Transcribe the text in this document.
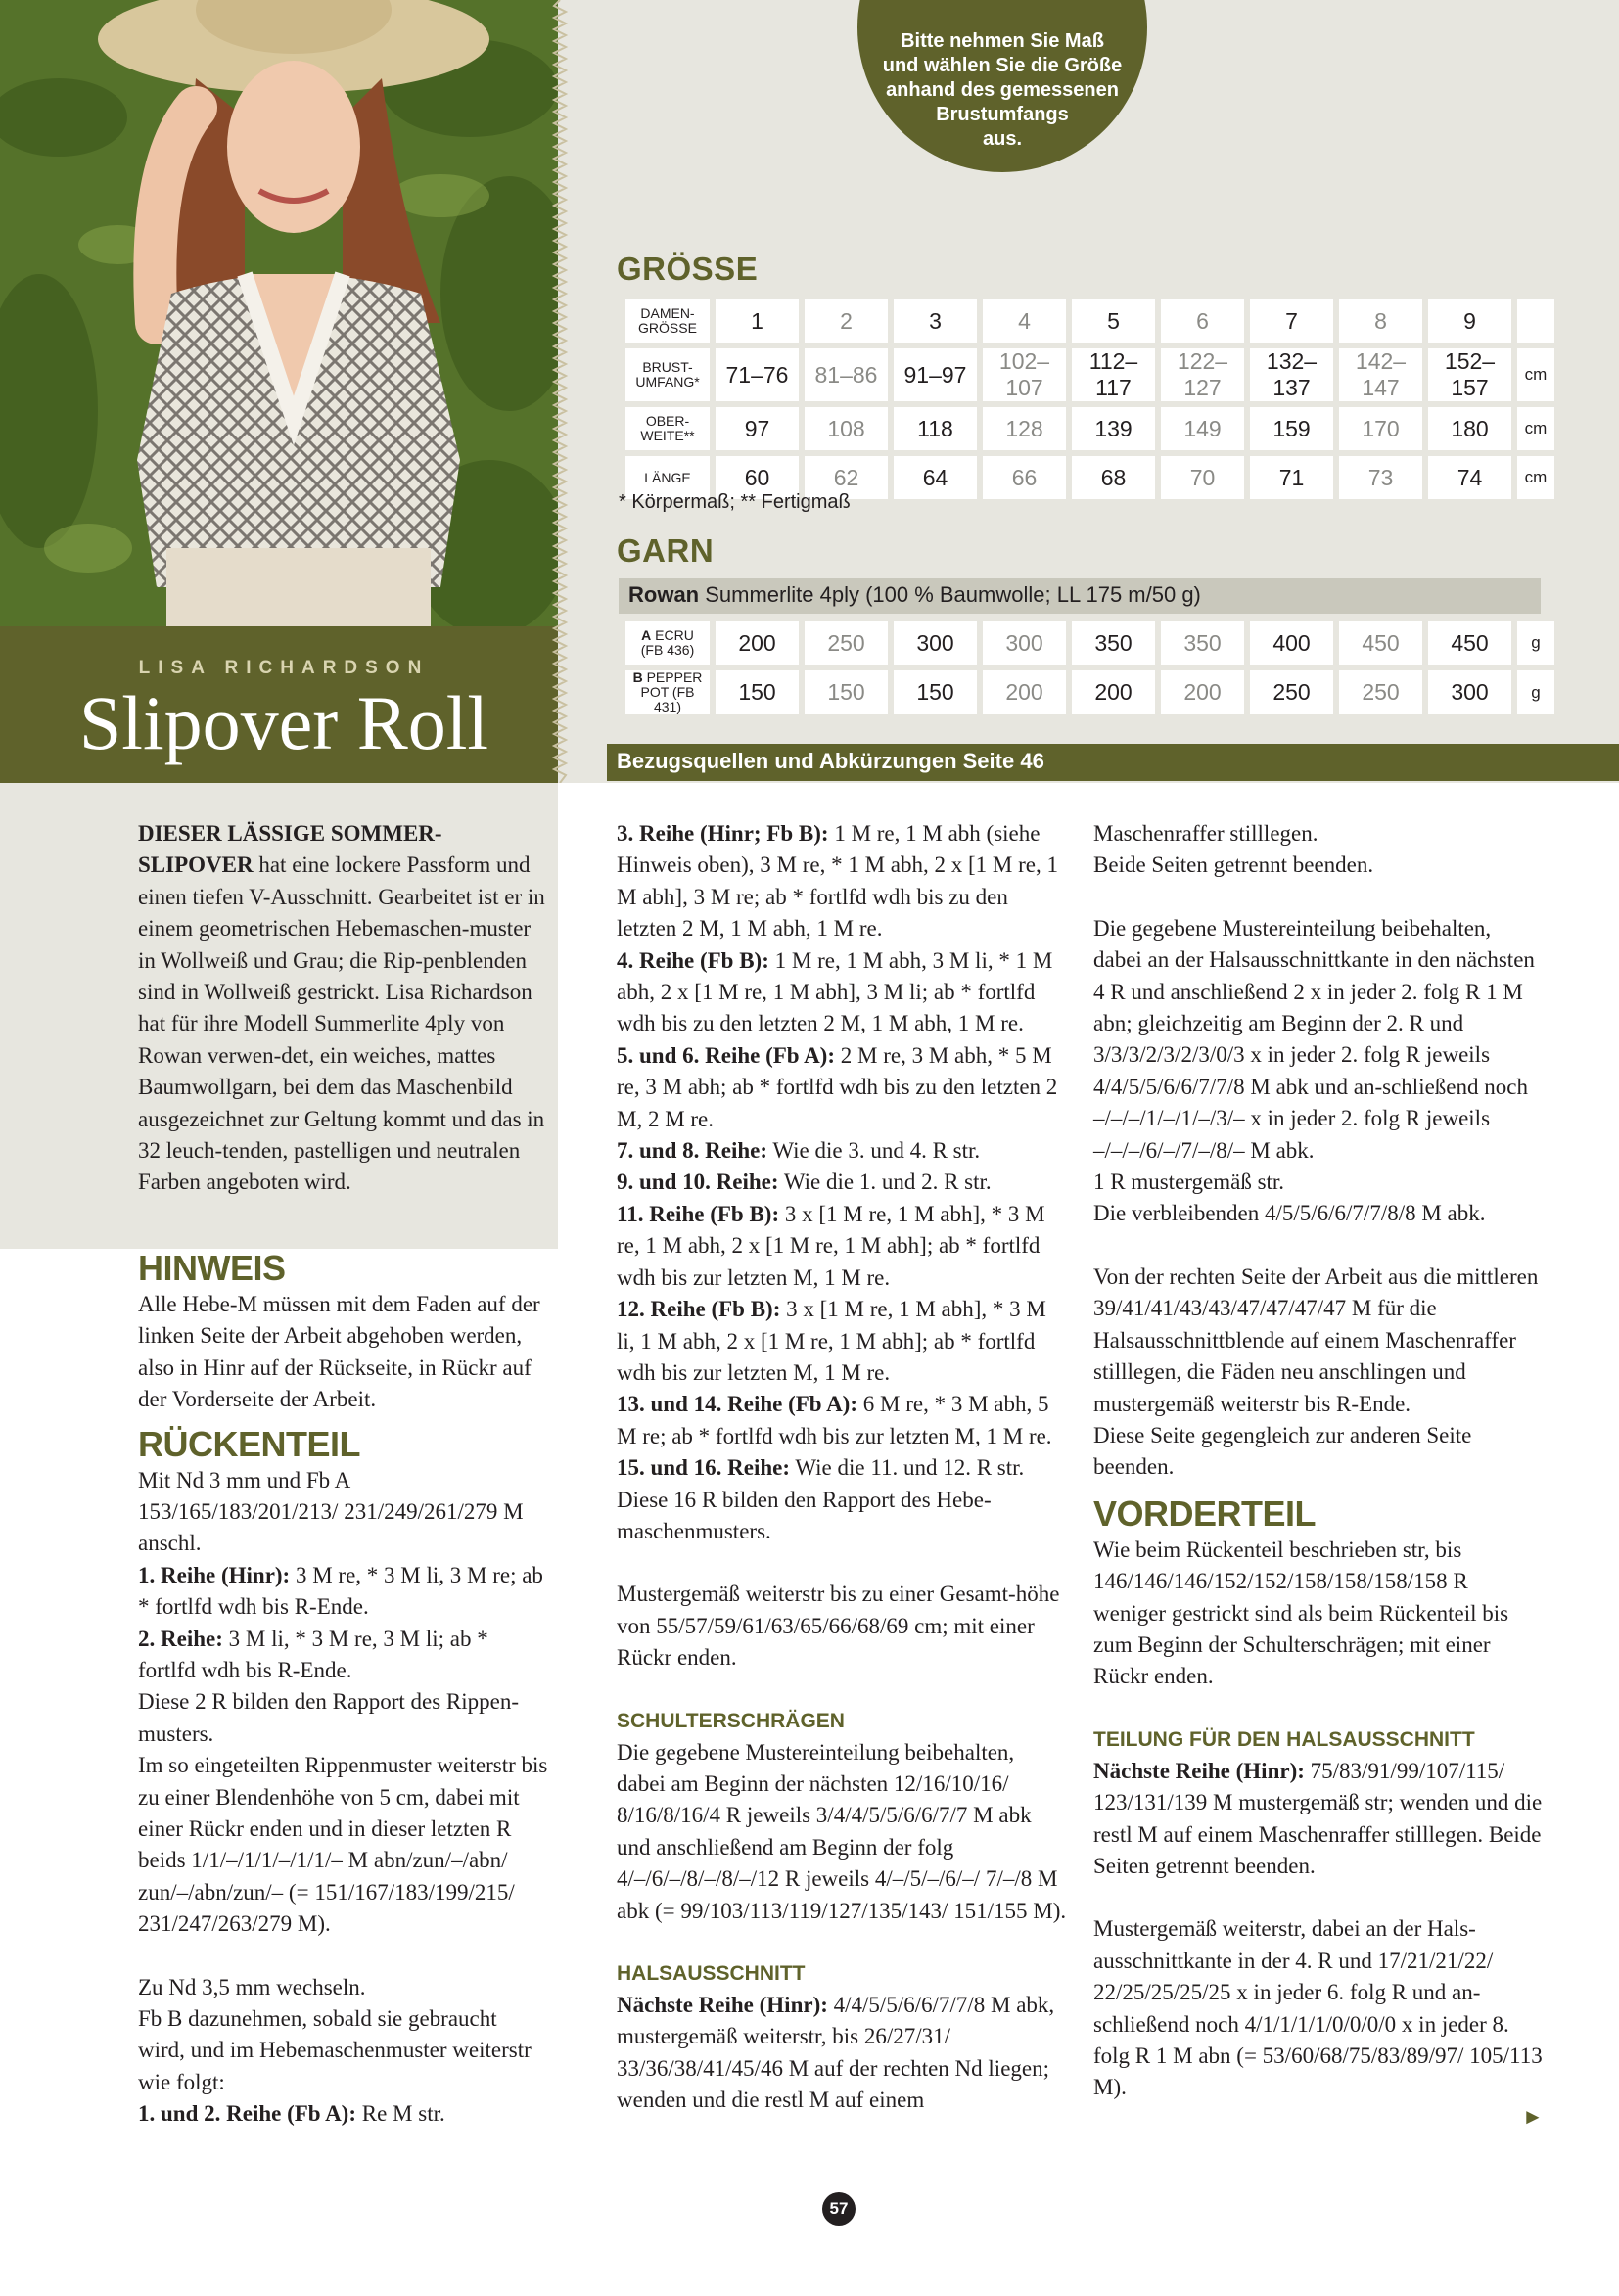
LISA RICHARDSON
Slipover Roll
Bitte nehmen Sie Maß
und wählen Sie die Größe
anhand des gemessenen
Brustumfangs
aus.
GRÖSSE
DAMEN-
GRÖSSE	1	2	3	4	5	6	7	8	9	
BRUST-
UMFANG*	71–76	81–86	91–97	102–107	112–117	122–127	132–137	142–147	152–157	cm
OBER-
WEITE**	97	108	118	128	139	149	159	170	180	cm
LÄNGE	60	62	64	66	68	70	71	73	74	cm
* Körpermaß; ** Fertigmaß
GARN
Rowan Summerlite 4ply (100 % Baumwolle; LL 175 m/50 g)
A ECRU
(FB 436)	200	250	300	300	350	350	400	450	450	g
B PEPPER
POT (FB 431)	150	150	150	200	200	200	250	250	300	g
Bezugsquellen und Abkürzungen Seite 46

DIESER LÄSSIGE SOMMER-SLIPOVER hat eine lockere Passform und einen tiefen V-Ausschnitt. Gearbeitet ist er in einem geometrischen Hebemaschen-muster in Wollweiß und Grau; die Rip-penblenden sind in Wollweiß gestrickt. Lisa Richardson hat für ihre Modell Summerlite 4ply von Rowan verwen-det, ein weiches, mattes Baumwollgarn, bei dem das Maschenbild ausgezeichnet zur Geltung kommt und das in 32 leuch-tenden, pastelligen und neutralen Farben angeboten wird.

HINWEIS

Alle Hebe-M müssen mit dem Faden auf der linken Seite der Arbeit abgehoben werden, also in Hinr auf der Rückseite, in Rückr auf der Vorderseite der Arbeit.

RÜCKENTEIL

Mit Nd 3 mm und Fb A 153/165/183/201/213/ 231/249/261/279 M anschl.

1. Reihe (Hinr): 3 M re, * 3 M li, 3 M re; ab * fortlfd wdh bis R-Ende.

2. Reihe: 3 M li, * 3 M re, 3 M li; ab * fortlfd wdh bis R-Ende.

Diese 2 R bilden den Rapport des Rippen-musters.

Im so eingeteilten Rippenmuster weiterstr bis zu einer Blendenhöhe von 5 cm, dabei mit einer Rückr enden und in dieser letzten R beids 1/1/–/1/1/–/1/1/– M abn/zun/–/abn/ zun/–/abn/zun/– (= 151/167/183/199/215/ 231/247/263/279 M).

Zu Nd 3,5 mm wechseln.

Fb B dazunehmen, sobald sie gebraucht wird, und im Hebemaschenmuster weiterstr wie folgt:

1. und 2. Reihe (Fb A): Re M str.

3. Reihe (Hinr; Fb B): 1 M re, 1 M abh (siehe Hinweis oben), 3 M re, * 1 M abh, 2 x [1 M re, 1 M abh], 3 M re; ab * fortlfd wdh bis zu den letzten 2 M, 1 M abh, 1 M re.

4. Reihe (Fb B): 1 M re, 1 M abh, 3 M li, * 1 M abh, 2 x [1 M re, 1 M abh], 3 M li; ab * fortlfd wdh bis zu den letzten 2 M, 1 M abh, 1 M re.

5. und 6. Reihe (Fb A): 2 M re, 3 M abh, * 5 M re, 3 M abh; ab * fortlfd wdh bis zu den letzten 2 M, 2 M re.

7. und 8. Reihe: Wie die 3. und 4. R str.

9. und 10. Reihe: Wie die 1. und 2. R str.

11. Reihe (Fb B): 3 x [1 M re, 1 M abh], * 3 M re, 1 M abh, 2 x [1 M re, 1 M abh]; ab * fortlfd wdh bis zur letzten M, 1 M re.

12. Reihe (Fb B): 3 x [1 M re, 1 M abh], * 3 M li, 1 M abh, 2 x [1 M re, 1 M abh]; ab * fortlfd wdh bis zur letzten M, 1 M re.

13. und 14. Reihe (Fb A): 6 M re, * 3 M abh, 5 M re; ab * fortlfd wdh bis zur letzten M, 1 M re.

15. und 16. Reihe: Wie die 11. und 12. R str.

Diese 16 R bilden den Rapport des Hebe-maschenmusters.

Mustergemäß weiterstr bis zu einer Gesamt-höhe von 55/57/59/61/63/65/66/68/69 cm; mit einer Rückr enden.

SCHULTERSCHRÄGEN

Die gegebene Mustereinteilung beibehalten, dabei am Beginn der nächsten 12/16/10/16/ 8/16/8/16/4 R jeweils 3/4/4/5/5/6/6/7/7 M abk und anschließend am Beginn der folg 4/–/6/–/8/–/8/–/12 R jeweils 4/–/5/–/6/–/ 7/–/8 M abk (= 99/103/113/119/127/135/143/ 151/155 M).

HALSAUSSCHNITT

Nächste Reihe (Hinr): 4/4/5/5/6/6/7/7/8 M abk, mustergemäß weiterstr, bis 26/27/31/ 33/36/38/41/45/46 M auf der rechten Nd liegen; wenden und die restl M auf einem

Maschenraffer stilllegen.

Beide Seiten getrennt beenden.

Die gegebene Mustereinteilung beibehalten, dabei an der Halsausschnittkante in den nächsten 4 R und anschließend 2 x in jeder 2. folg R 1 M abn; gleichzeitig am Beginn der 2. R und 3/3/3/2/3/2/3/0/3 x in jeder 2. folg R jeweils 4/4/5/5/6/6/7/7/8 M abk und an-schließend noch –/–/–/1/–/1/–/3/– x in jeder 2. folg R jeweils –/–/–/6/–/7/–/8/– M abk.

1 R mustergemäß str.

Die verbleibenden 4/5/5/6/6/7/7/8/8 M abk.

Von der rechten Seite der Arbeit aus die mittleren 39/41/41/43/43/47/47/47/47 M für die Halsausschnittblende auf einem Maschenraffer stilllegen, die Fäden neu anschlingen und mustergemäß weiterstr bis R-Ende.

Diese Seite gegengleich zur anderen Seite beenden.

VORDERTEIL

Wie beim Rückenteil beschrieben str, bis 146/146/146/152/152/158/158/158/158 R weniger gestrickt sind als beim Rückenteil bis zum Beginn der Schulterschrägen; mit einer Rückr enden.

TEILUNG FÜR DEN HALSAUSSCHNITT

Nächste Reihe (Hinr): 75/83/91/99/107/115/ 123/131/139 M mustergemäß str; wenden und die restl M auf einem Maschenraffer stilllegen. Beide Seiten getrennt beenden.

Mustergemäß weiterstr, dabei an der Hals-ausschnittkante in der 4. R und 17/21/21/22/ 22/25/25/25/25 x in jeder 6. folg R und an-schließend noch 4/1/1/1/1/0/0/0/0 x in jeder 8. folg R 1 M abn (= 53/60/68/75/83/89/97/ 105/113 M).

►
57
